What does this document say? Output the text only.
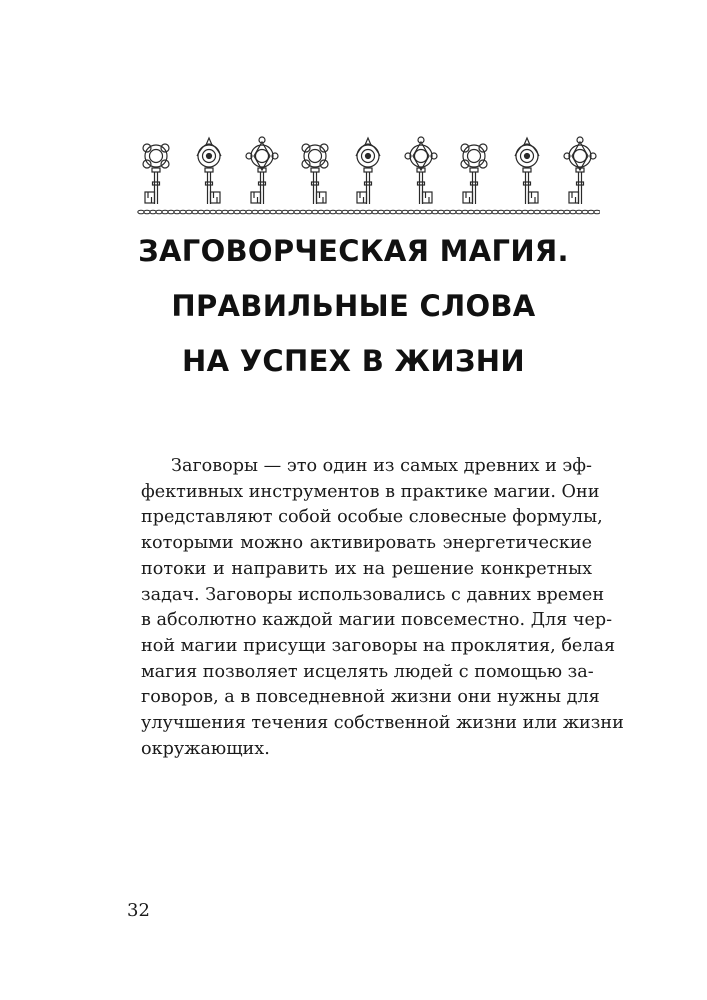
ЗАГОВОРЧЕСКАЯ МАГИЯ.
ПРАВИЛЬНЫЕ СЛОВА
НА УСПЕХ В ЖИЗНИ
Заговоры — это один из самых древних и эф-
фективных инструментов в практике магии. Они
представляют собой особые словесные формулы,
которыми можно активировать энергетические
потоки и направить их на решение конкретных
задач. Заговоры использовались с давних времен
в абсолютно каждой магии повсеместно. Для чер-
ной магии присущи заговоры на проклятия, белая
магия позволяет исцелять людей с помощью за-
говоров, а в повседневной жизни они нужны для
улучшения течения собственной жизни или жизни
окружающих.
32
